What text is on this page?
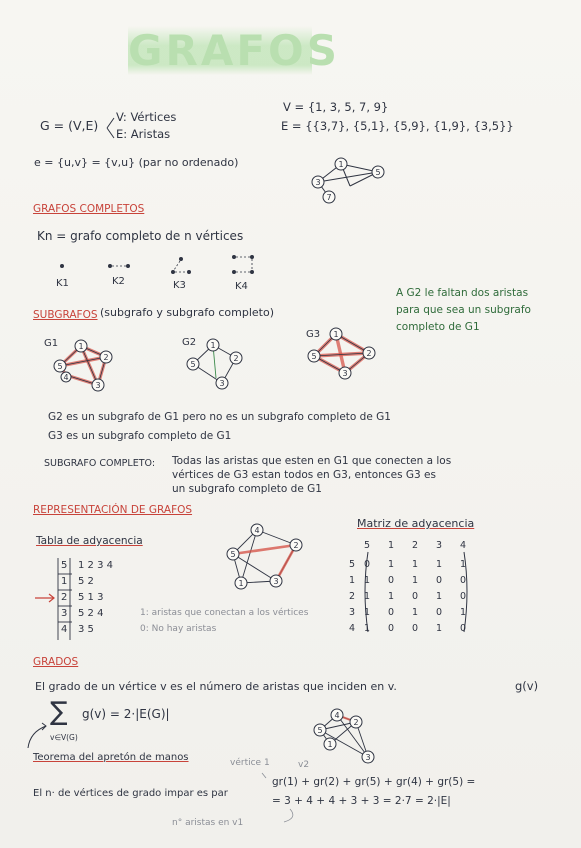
GRAFOS
G = (V,E)
V: Vértices
E: Aristas
e = {u,v} = {v,u} (par no ordenado)
V = {1, 3, 5, 7, 9}
E = {{3,7}, {5,1}, {5,9}, {1,9}, {3,5}}
1
5
3
7
GRAFOS COMPLETOS
Kn = grafo completo de n vértices
K1	K2	K3	K4
SUBGRAFOS (subgrafo y subgrafo completo)
A G2 le faltan dos aristas
para que sea un subgrafo
completo de G1
G1	G2
G3
1
2
5
4
3
1
2
5
3
1
2
5
3
G2 es un subgrafo de G1 pero no es un subgrafo completo de G1
G3 es un subgrafo completo de G1
SUBGRAFO COMPLETO: Todas las aristas que esten en G1 que conecten a los
vértices de G3 estan todos en G3, entonces G3 es
un subgrafo completo de G1
REPRESENTACIÓN DE GRAFOS
Tabla de adyacencia
Matriz de adyacencia
4
2
5
1	3
5 1 2 3 4
1 5 2
2 5 1 3
3 5 2 4
4 3 5
1: aristas que conectan a los vértices
0: No hay aristas
5	1	2	3	4
5 0	1	1	1	1
1 1	0	1	0	0
2 1	1	0	1	0
3 1	0	1	0	1
4 1	0	0	1	0
GRADOS
El grado de un vértice v es el número de aristas que inciden en v.	g(v)
∑ g(v) = 2·|E(G)|
v∈V(G)
4
2
5
1
3
Teorema del apretón de manos	vértice 1	v2
El n· de vértices de grado impar es par
gr(1) + gr(2) + gr(5) + gr(4) + gr(5) =
= 3 + 4 + 4 + 3 + 3 = 2·7 = 2·|E|
n° aristas en v1
